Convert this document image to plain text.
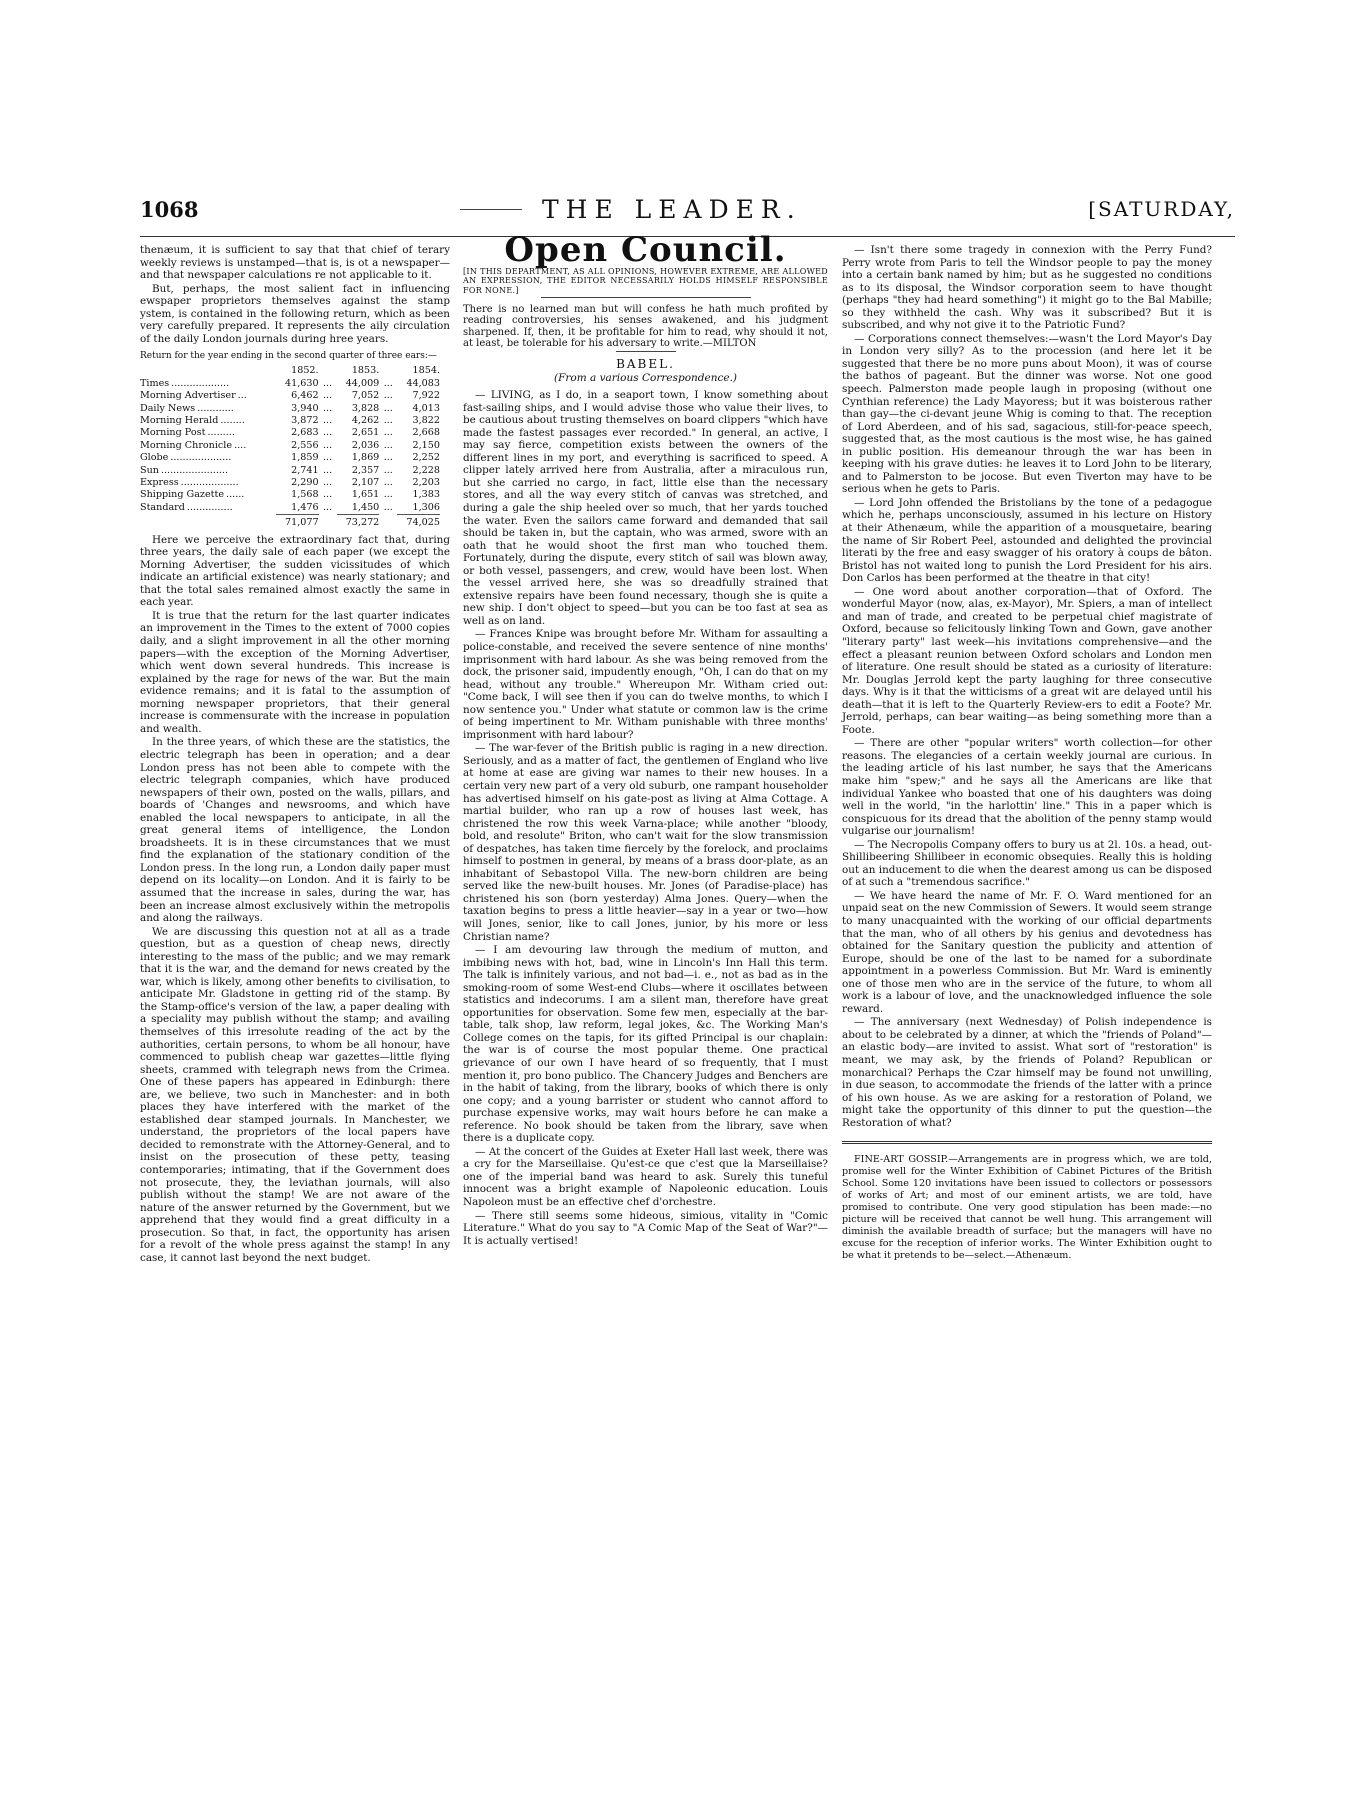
1068	THE LEADER.	[SATURDAY,

thenæum, it is sufficient to say that that chief of terary weekly reviews is unstamped—that is, is ot a newspaper—and that newspaper calculations re not applicable to it.

But, perhaps, the most salient fact in influencing ewspaper proprietors themselves against the stamp ystem, is contained in the following return, which as been very carefully prepared. It represents the aily circulation of the daily London journals during hree years.

Return for the year ending in the second quarter of three ears:—

	1852.		1853.		1854.
Times ...................	41,630	...	44,009	...	44,083
Morning Advertiser ...	6,462	...	7,052	...	7,922
Daily News ............	3,940	...	3,828	...	4,013
Morning Herald ........	3,872	...	4,262	...	3,822
Morning Post .........	2,683	...	2,651	...	2,668
Morning Chronicle ....	2,556	...	2,036	...	2,150
Globe ....................	1,859	...	1,869	...	2,252
Sun ......................	2,741	...	2,357	...	2,228
Express ...................	2,290	...	2,107	...	2,203
Shipping Gazette ......	1,568	...	1,651	...	1,383
Standard ...............	1,476	...	1,450	...	1,306
	71,077		73,272		74,025

Here we perceive the extraordinary fact that, during three years, the daily sale of each paper (we except the Morning Advertiser, the sudden vicissitudes of which indicate an artificial existence) was nearly stationary; and that the total sales remained almost exactly the same in each year.

It is true that the return for the last quarter indicates an improvement in the Times to the extent of 7000 copies daily, and a slight improvement in all the other morning papers—with the exception of the Morning Advertiser, which went down several hundreds. This increase is explained by the rage for news of the war. But the main evidence remains; and it is fatal to the assumption of morning newspaper proprietors, that their general increase is commensurate with the increase in population and wealth.

In the three years, of which these are the statistics, the electric telegraph has been in operation; and a dear London press has not been able to compete with the electric telegraph companies, which have produced newspapers of their own, posted on the walls, pillars, and boards of 'Changes and newsrooms, and which have enabled the local newspapers to anticipate, in all the great general items of intelligence, the London broadsheets. It is in these circumstances that we must find the explanation of the stationary condition of the London press. In the long run, a London daily paper must depend on its locality—on London. And it is fairly to be assumed that the increase in sales, during the war, has been an increase almost exclusively within the metropolis and along the railways.

We are discussing this question not at all as a trade question, but as a question of cheap news, directly interesting to the mass of the public; and we may remark that it is the war, and the demand for news created by the war, which is likely, among other benefits to civilisation, to anticipate Mr. Gladstone in getting rid of the stamp. By the Stamp-office's version of the law, a paper dealing with a speciality may publish without the stamp; and availing themselves of this irresolute reading of the act by the authorities, certain persons, to whom be all honour, have commenced to publish cheap war gazettes—little flying sheets, crammed with telegraph news from the Crimea. One of these papers has appeared in Edinburgh: there are, we believe, two such in Manchester: and in both places they have interfered with the market of the established dear stamped journals. In Manchester, we understand, the proprietors of the local papers have decided to remonstrate with the Attorney-General, and to insist on the prosecution of these petty, teasing contemporaries; intimating, that if the Government does not prosecute, they, the leviathan journals, will also publish without the stamp! We are not aware of the nature of the answer returned by the Government, but we apprehend that they would find a great difficulty in a prosecution. So that, in fact, the opportunity has arisen for a revolt of the whole press against the stamp! In any case, it cannot last beyond the next budget.

Open Council.

[IN THIS DEPARTMENT, AS ALL OPINIONS, HOWEVER EXTREME, ARE ALLOWED AN EXPRESSION, THE EDITOR NECESSARILY HOLDS HIMSELF RESPONSIBLE FOR NONE.]

There is no learned man but will confess he hath much profited by reading controversies, his senses awakened, and his judgment sharpened. If, then, it be profitable for him to read, why should it not, at least, be tolerable for his adversary to write.—MILTON

BABEL.

(From a various Correspondence.)

— LIVING, as I do, in a seaport town, I know something about fast-sailing ships, and I would advise those who value their lives, to be cautious about trusting themselves on board clippers "which have made the fastest passages ever recorded." In general, an active, I may say fierce, competition exists between the owners of the different lines in my port, and everything is sacrificed to speed. A clipper lately arrived here from Australia, after a miraculous run, but she carried no cargo, in fact, little else than the necessary stores, and all the way every stitch of canvas was stretched, and during a gale the ship heeled over so much, that her yards touched the water. Even the sailors came forward and demanded that sail should be taken in, but the captain, who was armed, swore with an oath that he would shoot the first man who touched them. Fortunately, during the dispute, every stitch of sail was blown away, or both vessel, passengers, and crew, would have been lost. When the vessel arrived here, she was so dreadfully strained that extensive repairs have been found necessary, though she is quite a new ship. I don't object to speed—but you can be too fast at sea as well as on land.

— Frances Knipe was brought before Mr. Witham for assaulting a police-constable, and received the severe sentence of nine months' imprisonment with hard labour. As she was being removed from the dock, the prisoner said, impudently enough, "Oh, I can do that on my head, without any trouble." Whereupon Mr. Witham cried out: "Come back, I will see then if you can do twelve months, to which I now sentence you." Under what statute or common law is the crime of being impertinent to Mr. Witham punishable with three months' imprisonment with hard labour?

— The war-fever of the British public is raging in a new direction. Seriously, and as a matter of fact, the gentlemen of England who live at home at ease are giving war names to their new houses. In a certain very new part of a very old suburb, one rampant householder has advertised himself on his gate-post as living at Alma Cottage. A martial builder, who ran up a row of houses last week, has christened the row this week Varna-place; while another "bloody, bold, and resolute" Briton, who can't wait for the slow transmission of despatches, has taken time fiercely by the forelock, and proclaims himself to postmen in general, by means of a brass door-plate, as an inhabitant of Sebastopol Villa. The new-born children are being served like the new-built houses. Mr. Jones (of Paradise-place) has christened his son (born yesterday) Alma Jones. Query—when the taxation begins to press a little heavier—say in a year or two—how will Jones, senior, like to call Jones, junior, by his more or less Christian name?

— I am devouring law through the medium of mutton, and imbibing news with hot, bad, wine in Lincoln's Inn Hall this term. The talk is infinitely various, and not bad—i. e., not as bad as in the smoking-room of some West-end Clubs—where it oscillates between statistics and indecorums. I am a silent man, therefore have great opportunities for observation. Some few men, especially at the bar-table, talk shop, law reform, legal jokes, &c. The Working Man's College comes on the tapis, for its gifted Principal is our chaplain: the war is of course the most popular theme. One practical grievance of our own I have heard of so frequently, that I must mention it, pro bono publico. The Chancery Judges and Benchers are in the habit of taking, from the library, books of which there is only one copy; and a young barrister or student who cannot afford to purchase expensive works, may wait hours before he can make a reference. No book should be taken from the library, save when there is a duplicate copy.

— At the concert of the Guides at Exeter Hall last week, there was a cry for the Marseillaise. Qu'est-ce que c'est que la Marseillaise? one of the imperial band was heard to ask. Surely this tuneful innocent was a bright example of Napoleonic education. Louis Napoleon must be an effective chef d'orchestre.

— There still seems some hideous, simious, vitality in "Comic Literature." What do you say to "A Comic Map of the Seat of War?"—It is actually vertised!

— Isn't there some tragedy in connexion with the Perry Fund? Perry wrote from Paris to tell the Windsor people to pay the money into a certain bank named by him; but as he suggested no conditions as to its disposal, the Windsor corporation seem to have thought (perhaps "they had heard something") it might go to the Bal Mabille; so they withheld the cash. Why was it subscribed? But it is subscribed, and why not give it to the Patriotic Fund?

— Corporations connect themselves:—wasn't the Lord Mayor's Day in London very silly? As to the procession (and here let it be suggested that there be no more puns about Moon), it was of course the bathos of pageant. But the dinner was worse. Not one good speech. Palmerston made people laugh in proposing (without one Cynthian reference) the Lady Mayoress; but it was boisterous rather than gay—the ci-devant jeune Whig is coming to that. The reception of Lord Aberdeen, and of his sad, sagacious, still-for-peace speech, suggested that, as the most cautious is the most wise, he has gained in public position. His demeanour through the war has been in keeping with his grave duties: he leaves it to Lord John to be literary, and to Palmerston to be jocose. But even Tiverton may have to be serious when he gets to Paris.

— Lord John offended the Bristolians by the tone of a pedagogue which he, perhaps unconsciously, assumed in his lecture on History at their Athenæum, while the apparition of a mousquetaire, bearing the name of Sir Robert Peel, astounded and delighted the provincial literati by the free and easy swagger of his oratory à coups de bâton. Bristol has not waited long to punish the Lord President for his airs. Don Carlos has been performed at the theatre in that city!

— One word about another corporation—that of Oxford. The wonderful Mayor (now, alas, ex-Mayor), Mr. Spiers, a man of intellect and man of trade, and created to be perpetual chief magistrate of Oxford, because so felicitously linking Town and Gown, gave another "literary party" last week—his invitations comprehensive—and the effect a pleasant reunion between Oxford scholars and London men of literature. One result should be stated as a curiosity of literature: Mr. Douglas Jerrold kept the party laughing for three consecutive days. Why is it that the witticisms of a great wit are delayed until his death—that it is left to the Quarterly Review-ers to edit a Foote? Mr. Jerrold, perhaps, can bear waiting—as being something more than a Foote.

— There are other "popular writers" worth collection—for other reasons. The elegancies of a certain weekly journal are curious. In the leading article of his last number, he says that the Americans make him "spew;" and he says all the Americans are like that individual Yankee who boasted that one of his daughters was doing well in the world, "in the harlottin' line." This in a paper which is conspicuous for its dread that the abolition of the penny stamp would vulgarise our journalism!

— The Necropolis Company offers to bury us at 2l. 10s. a head, out-Shillibeering Shillibeer in economic obsequies. Really this is holding out an inducement to die when the dearest among us can be disposed of at such a "tremendous sacrifice."

— We have heard the name of Mr. F. O. Ward mentioned for an unpaid seat on the new Commission of Sewers. It would seem strange to many unacquainted with the working of our official departments that the man, who of all others by his genius and devotedness has obtained for the Sanitary question the publicity and attention of Europe, should be one of the last to be named for a subordinate appointment in a powerless Commission. But Mr. Ward is eminently one of those men who are in the service of the future, to whom all work is a labour of love, and the unacknowledged influence the sole reward.

— The anniversary (next Wednesday) of Polish independence is about to be celebrated by a dinner, at which the "friends of Poland"—an elastic body—are invited to assist. What sort of "restoration" is meant, we may ask, by the friends of Poland? Republican or monarchical? Perhaps the Czar himself may be found not unwilling, in due season, to accommodate the friends of the latter with a prince of his own house. As we are asking for a restoration of Poland, we might take the opportunity of this dinner to put the question—the Restoration of what?

FINE-ART GOSSIP.—Arrangements are in progress which, we are told, promise well for the Winter Exhibition of Cabinet Pictures of the British School. Some 120 invitations have been issued to collectors or possessors of works of Art; and most of our eminent artists, we are told, have promised to contribute. One very good stipulation has been made:—no picture will be received that cannot be well hung. This arrangement will diminish the available breadth of surface; but the managers will have no excuse for the reception of inferior works. The Winter Exhibition ought to be what it pretends to be—select.—Athenæum.
